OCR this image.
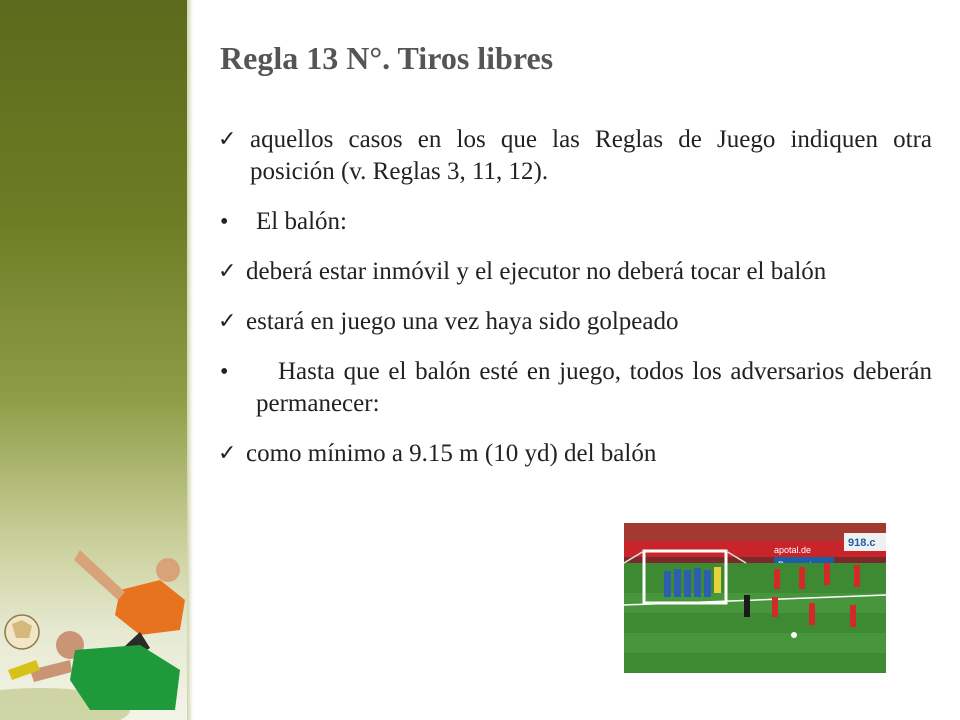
Regla 13 N°. Tiros libres
✓ aquellos casos en los que las Reglas de Juego indiquen otra posición (v. Reglas 3, 11, 12).
• El balón:
✓ deberá estar inmóvil y el ejecutor no deberá tocar el balón
✓ estará en juego una vez haya sido golpeado
• Hasta que el balón esté en juego, todos los adversarios deberán permanecer:
✓ como mínimo a 9.15 m (10 yd) del balón
apotal.de
918.c
